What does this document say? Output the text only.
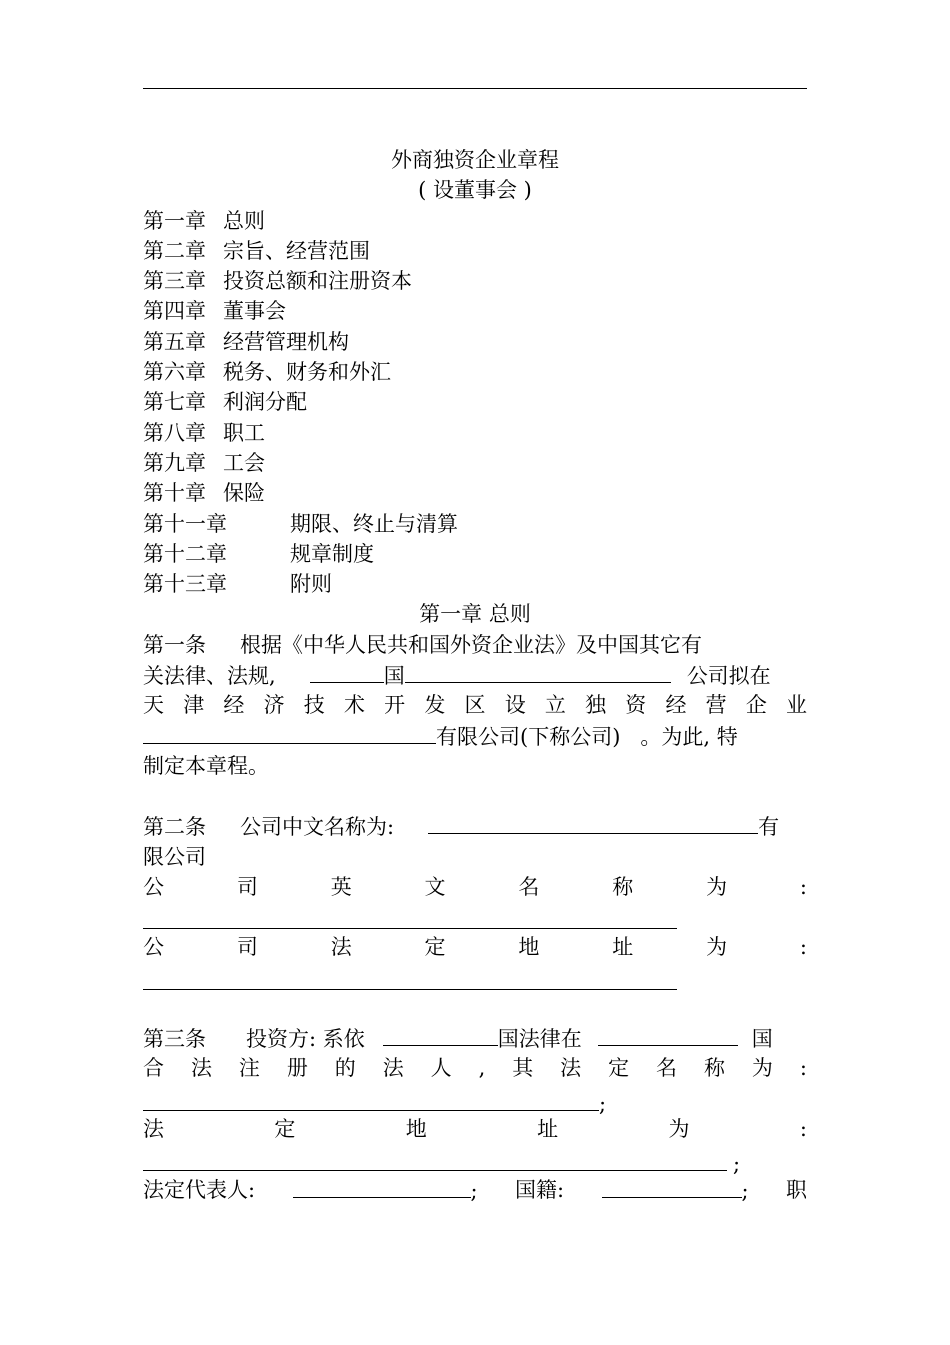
外商独资企业章程
( 设董事会 )
第一章 总则
第二章 宗旨、经营范围
第三章 投资总额和注册资本
第四章 董事会
第五章 经营管理机构
第六章 税务、财务和外汇
第七章 利润分配
第八章 职工
第九章 工会
第十章 保险
第十一章	期限、终止与清算
第十二章	规章制度
第十三章	附则
第一章 总则
第一条 根据《中华人民共和国外资企业法》及中国其它有
关法律、法规,	国	公司拟在
天 津 经 济 技 术 开 发 区 设 立 独 资 经 营 企 业
有限公司(下称公司) 。为此, 特
制定本章程。
第二条 公司中文名称为:	有
限公司
公	司	英	文	名	称	为	:
公	司	法	定	地	址	为	:
第三条 投资方: 系依	国法律在	国
合 法 注 册 的 法 人 , 其 法 定 名 称 为 :
;
法	定	地	址	为	:
;
法定代表人:	; 国籍:	; 职
